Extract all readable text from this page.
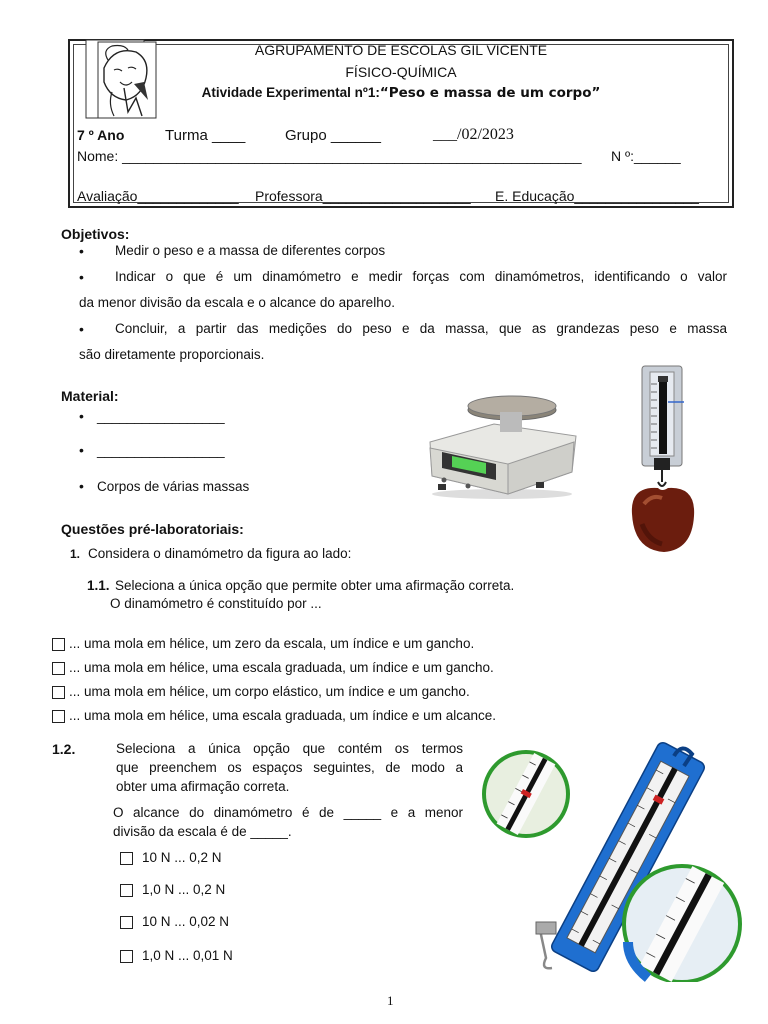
AGRUPAMENTO DE ESCOLAS GIL VICENTE
FÍSICO-QUÍMICA
Atividade Experimental nº1:“Peso e massa de um corpo”
7 º Ano	Turma ____	Grupo ______	___/02/2023
Nome: ___________________________________________________________ N º:______
Avaliação_____________ Professora___________________ E. Educação________________
Objetivos:
• Medir o peso e a massa de diferentes corpos
• Indicar o que é um dinamómetro e medir forças com dinamómetros, identificando o valor
da menor divisão da escala e o alcance do aparelho.
• Concluir, a partir das medições do peso e da massa, que as grandezas peso e massa
são diretamente proporcionais.
Material:
• _________________
• _________________
• Corpos de várias massas
Questões pré-laboratoriais:
1. Considera o dinamómetro da figura ao lado:
1.1. Seleciona a única opção que permite obter uma afirmação correta.
O dinamómetro é constituído por ...
... uma mola em hélice, um zero da escala, um índice e um gancho.
... uma mola em hélice, uma escala graduada, um índice e um gancho.
... uma mola em hélice, um corpo elástico, um índice e um gancho.
... uma mola em hélice, uma escala graduada, um índice e um alcance.
1.2.	Seleciona a única opção que contém os termos
que preenchem os espaços seguintes, de modo a
obter uma afirmação correta.
O alcance do dinamómetro é de _____ e a menor
divisão da escala é de _____.
10 N ... 0,2 N
1,0 N ... 0,2 N
10 N ... 0,02 N
1,0 N ... 0,01 N
1
